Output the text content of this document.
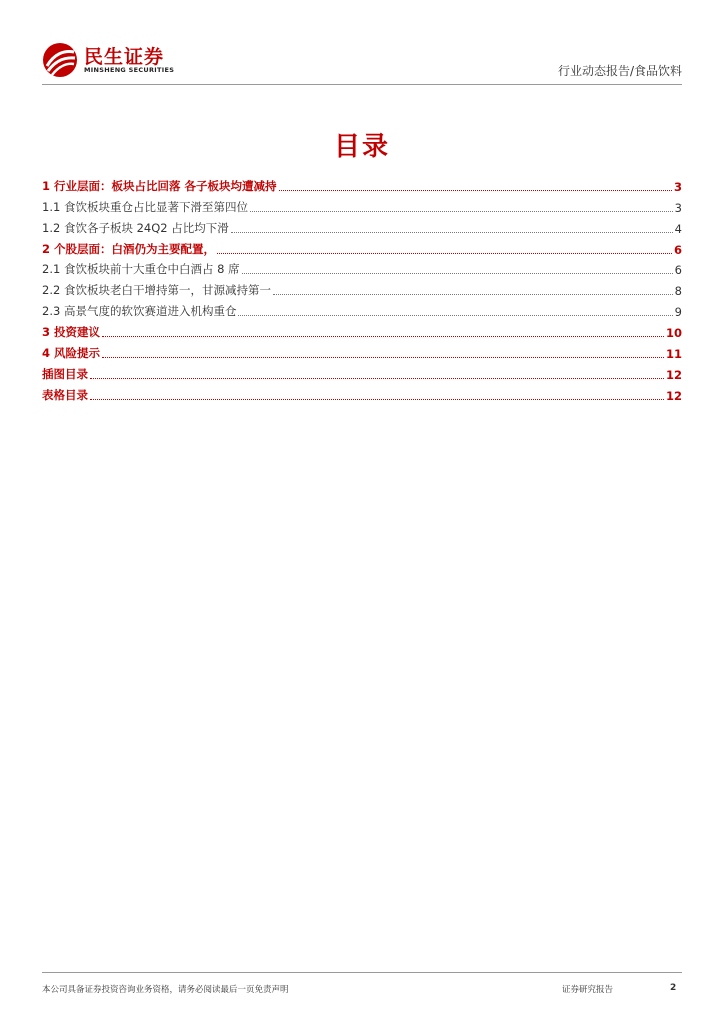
民生证券
MINSHENG SECURITIES	行业动态报告/食品饮料
目录
1 行业层面：板块占比回落 各子板块均遭减持	3
1.1 食饮板块重仓占比显著下滑至第四位	3
1.2 食饮各子板块 24Q2 占比均下滑	4
2 个股层面：白酒仍为主要配置，	6
2.1 食饮板块前十大重仓中白酒占 8 席	6
2.2 食饮板块老白干增持第一，甘源减持第一	8
2.3 高景气度的软饮赛道进入机构重仓	9
3 投资建议	10
4 风险提示	11
插图目录	12
表格目录	12
本公司具备证券投资咨询业务资格，请务必阅读最后一页免责声明	证券研究报告	2
